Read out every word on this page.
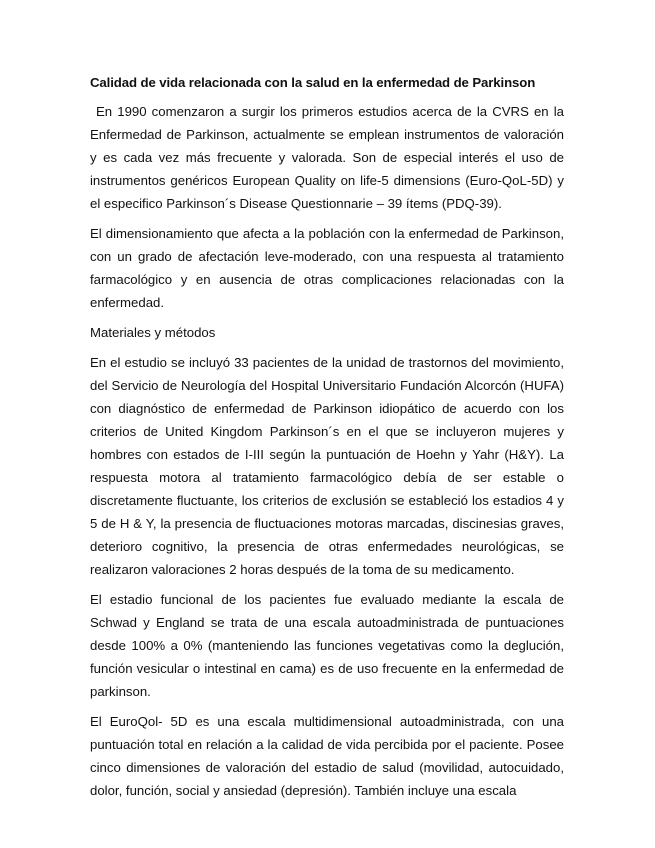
Calidad de vida relacionada con la salud en la enfermedad de Parkinson

En 1990 comenzaron a surgir los primeros estudios acerca de la CVRS en la Enfermedad de Parkinson, actualmente se emplean instrumentos de valoración y es cada vez más frecuente y valorada. Son de especial interés el uso de instrumentos genéricos European Quality on life-5 dimensions (Euro-QoL-5D) y el especifico Parkinson´s Disease Questionnarie – 39 ítems (PDQ-39).

El dimensionamiento que afecta a la población con la enfermedad de Parkinson, con un grado de afectación leve-moderado, con una respuesta al tratamiento farmacológico y en ausencia de otras complicaciones relacionadas con la enfermedad.

Materiales y métodos

En el estudio se incluyó 33 pacientes de la unidad de trastornos del movimiento, del Servicio de Neurología del Hospital Universitario Fundación Alcorcón (HUFA) con diagnóstico de enfermedad de Parkinson idiopático de acuerdo con los criterios de United Kingdom Parkinson´s en el que se incluyeron mujeres y hombres con estados de I-III según la puntuación de Hoehn y Yahr (H&Y). La respuesta motora al tratamiento farmacológico debía de ser estable o discretamente fluctuante, los criterios de exclusión se estableció los estadios 4 y 5 de H & Y, la presencia de fluctuaciones motoras marcadas, discinesias graves, deterioro cognitivo, la presencia de otras enfermedades neurológicas, se realizaron valoraciones 2 horas después de la toma de su medicamento.

El estadio funcional de los pacientes fue evaluado mediante la escala de Schwad y England se trata de una escala autoadministrada de puntuaciones desde 100% a 0% (manteniendo las funciones vegetativas como la deglución, función vesicular o intestinal en cama) es de uso frecuente en la enfermedad de parkinson.

El EuroQol- 5D es una escala multidimensional autoadministrada, con una puntuación total en relación a la calidad de vida percibida por el paciente. Posee cinco dimensiones de valoración del estadio de salud (movilidad, autocuidado, dolor, función, social y ansiedad (depresión). También incluye una escala
